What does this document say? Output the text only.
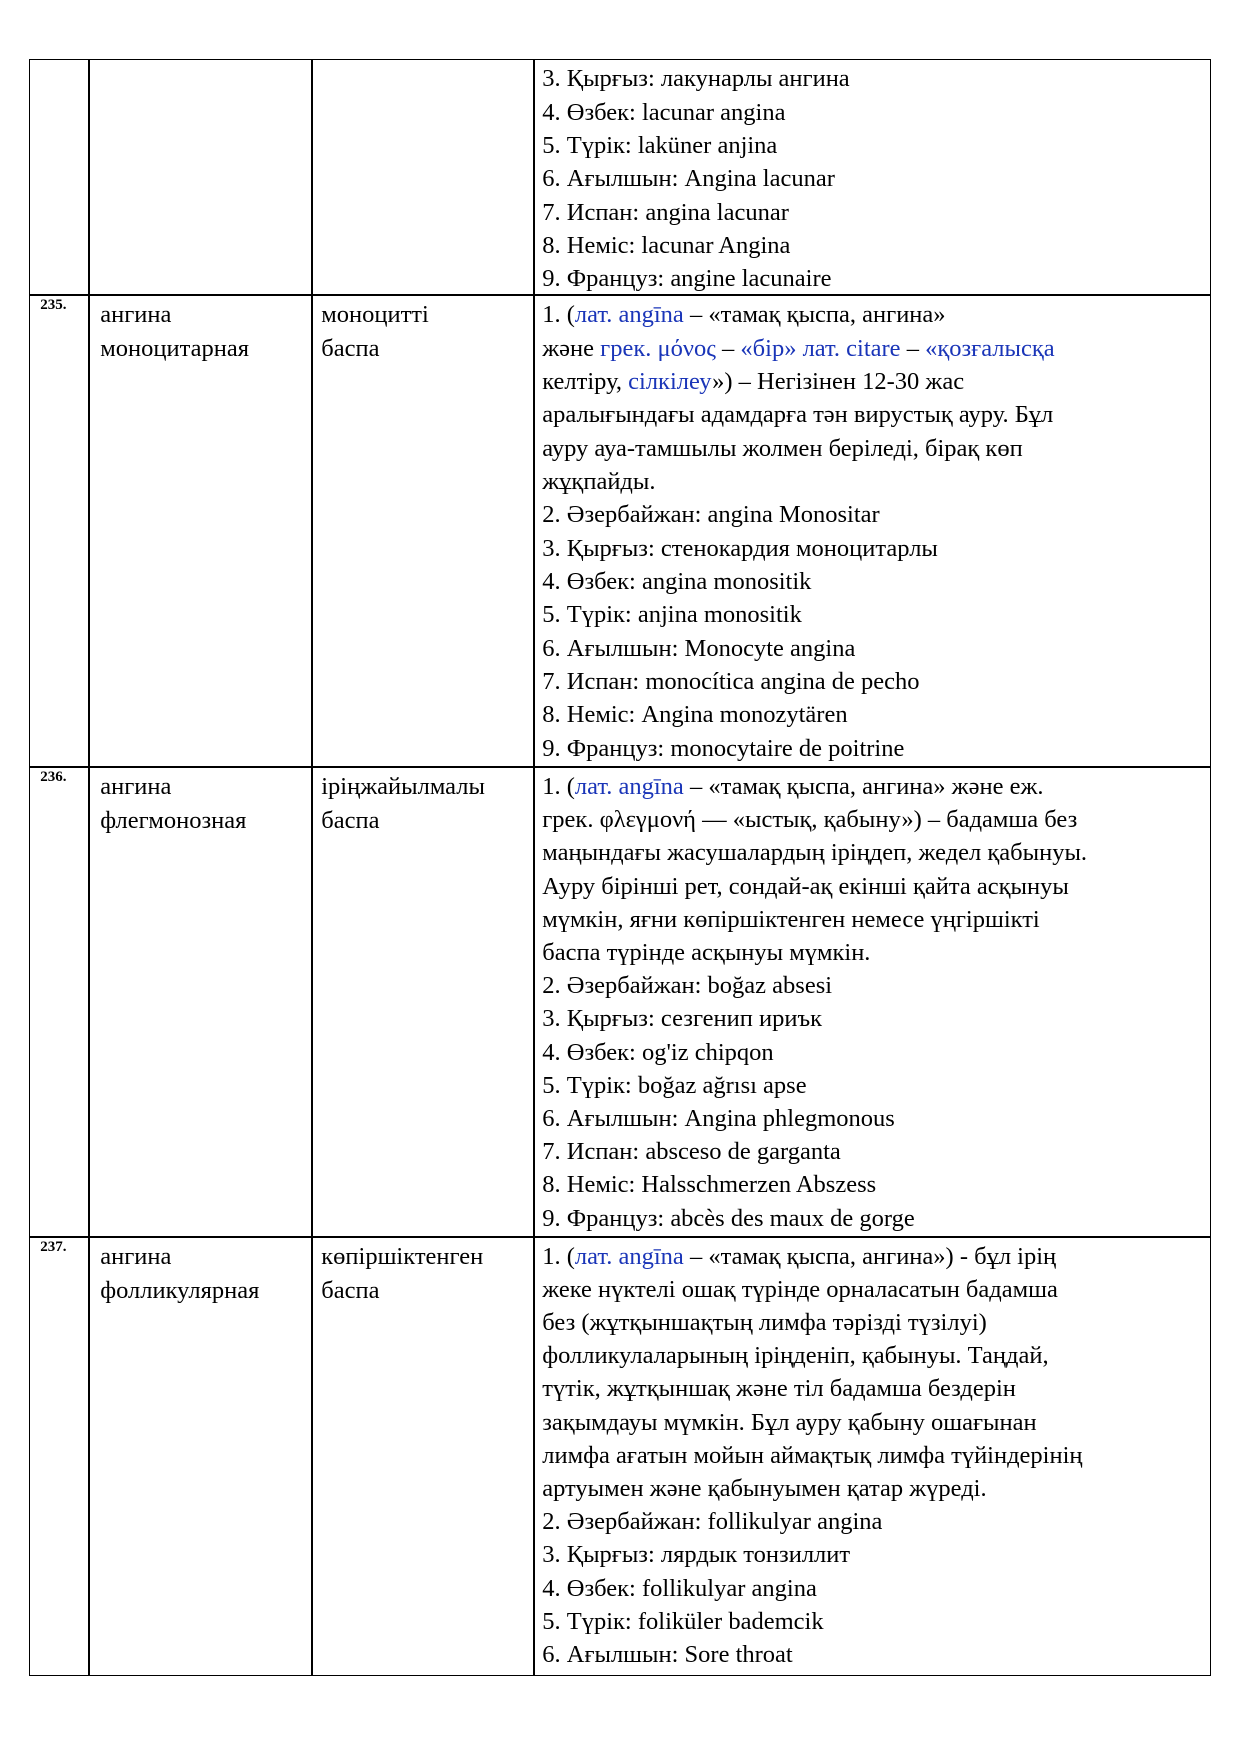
3. Қырғыз: лакунарлы ангина
4. Өзбек: lacunar angina
5. Түрік: laküner anjina
6. Ағылшын: Angina lacunar
7. Испан: angina lacunar
8. Неміс: lacunar Angina
9. Француз: angine lacunaire
235. ангина
моноцитарная
моноцитті
баспа
1. (лат. angīna – «тамақ қыспа, ангина»
және грек. μόνος – «бір» лат. citare – «қозғалысқа
келтіру, сілкілеу») – Негізінен 12-30 жас
аралығындағы адамдарға тән вирустық ауру. Бұл
ауру ауа-тамшылы жолмен беріледі, бірақ көп
жұқпайды.
2. Әзербайжан: angina Monositar
3. Қырғыз: стенокардия моноцитарлы
4. Өзбек: angina monositik
5. Түрік: anjina monositik
6. Ағылшын: Monocyte angina
7. Испан: monocítica angina de pecho
8. Неміс: Angina monozytären
9. Француз: monocytaire de poitrine
236. ангина
флегмонозная
іріңжайылмалы
баспа
1. (лат. angīna – «тамақ қыспа, ангина» және еж.
грек. φλεγμονή — «ыстық, қабыну») – бадамша без
маңындағы жасушалардың іріңдеп, жедел қабынуы.
Ауру бірінші рет, сондай-ақ екінші қайта асқынуы
мүмкін, яғни көпіршіктенген немесе үңгіршікті
баспа түрінде асқынуы мүмкін.
2. Әзербайжан: boğaz absesi
3. Қырғыз: сезгенип ириък
4. Өзбек: og'iz chipqon
5. Түрік: boğaz ağrısı apse
6. Ағылшын: Angina phlegmonous
7. Испан: absceso de garganta
8. Неміс: Halsschmerzen Abszess
9. Француз: abcès des maux de gorge
237. ангина
фолликулярная
көпіршіктенген
баспа
1. (лат. angīna – «тамақ қыспа, ангина») - бұл ірің
жеке нүктелі ошақ түрінде орналасатын бадамша
без (жұтқыншақтың лимфа тәрізді түзілуі)
фолликулаларының іріңденіп, қабынуы. Таңдай,
түтік, жұтқыншақ және тіл бадамша бездерін
зақымдауы мүмкін. Бұл ауру қабыну ошағынан
лимфа ағатын мойын аймақтық лимфа түйіндерінің
артуымен және қабынуымен қатар жүреді.
2. Әзербайжан: follikulyar angina
3. Қырғыз: лярдык тонзиллит
4. Өзбек: follikulyar angina
5. Түрік: foliküler bademcik
6. Ағылшын: Sore throat
